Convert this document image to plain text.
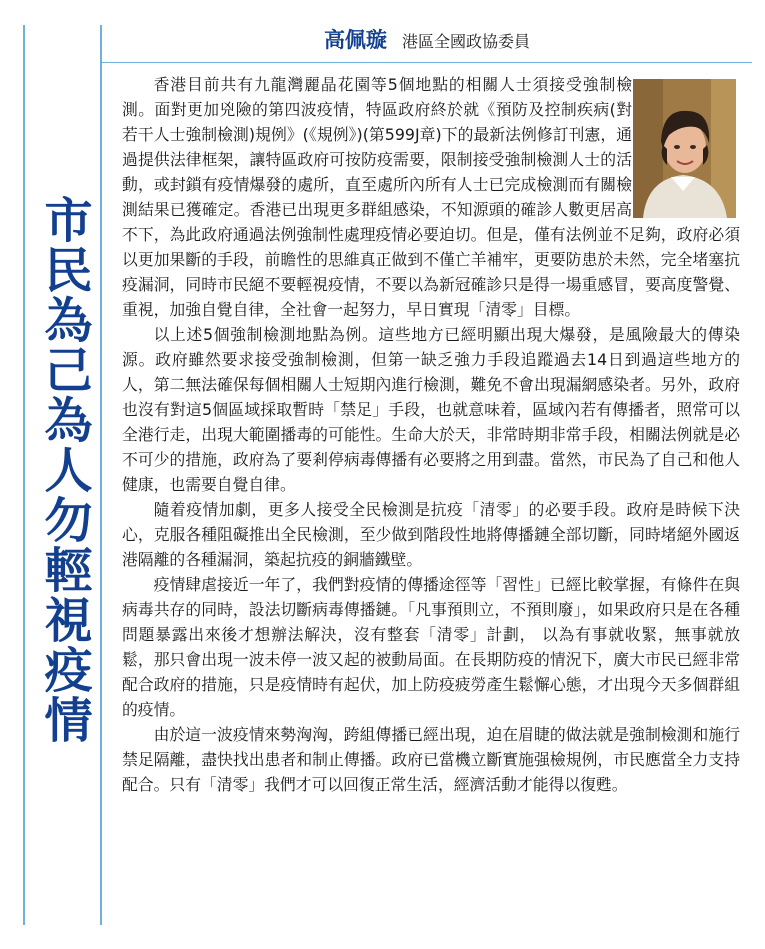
市民為己為人勿輕視疫情
高佩璇 港區全國政協委員

香港目前共有九龍灣麗晶花園等5個地點的相關人士須接受強制檢測。面對更加兇險的第四波疫情，特區政府終於就《預防及控制疾病(對若干人士強制檢測)規例》(《規例》)(第599J章)下的最新法例修訂刊憲，通過提供法律框架，讓特區政府可按防疫需要，限制接受強制檢測人士的活動，或封鎖有疫情爆發的處所，直至處所內所有人士已完成檢測而有關檢測結果已獲確定。香港已出現更多群組感染，不知源頭的確診人數更居高不下，為此政府通過法例強制性處理疫情必要迫切。但是，僅有法例並不足夠，政府必須以更加果斷的手段，前瞻性的思維真正做到不僅亡羊補牢，更要防患於未然，完全堵塞抗疫漏洞，同時市民絕不要輕視疫情，不要以為新冠確診只是得一場重感冒，要高度警覺、重視，加強自覺自律，全社會一起努力，早日實現「清零」目標。

以上述5個強制檢測地點為例。這些地方已經明顯出現大爆發，是風險最大的傳染源。政府雖然要求接受強制檢測，但第一缺乏強力手段追蹤過去14日到過這些地方的人，第二無法確保每個相關人士短期內進行檢測，難免不會出現漏網感染者。另外，政府也沒有對這5個區域採取暫時「禁足」手段，也就意味着，區域內若有傳播者，照常可以全港行走，出現大範圍播毒的可能性。生命大於天，非常時期非常手段，相關法例就是必不可少的措施，政府為了要剎停病毒傳播有必要將之用到盡。當然，市民為了自己和他人健康，也需要自覺自律。

隨着疫情加劇，更多人接受全民檢測是抗疫「清零」的必要手段。政府是時候下決心，克服各種阻礙推出全民檢測，至少做到階段性地將傳播鏈全部切斷，同時堵絕外國返港隔離的各種漏洞，築起抗疫的銅牆鐵壁。

疫情肆虐接近一年了，我們對疫情的傳播途徑等「習性」已經比較掌握，有條件在與病毒共存的同時，設法切斷病毒傳播鏈。「凡事預則立，不預則廢」，如果政府只是在各種問題暴露出來後才想辦法解決，沒有整套「清零」計劃， 以為有事就收緊，無事就放鬆，那只會出現一波未停一波又起的被動局面。在長期防疫的情況下，廣大市民已經非常配合政府的措施，只是疫情時有起伏，加上防疫疲勞產生鬆懈心態，才出現今天多個群組的疫情。

由於這一波疫情來勢洶洶，跨組傳播已經出現，迫在眉睫的做法就是強制檢測和施行禁足隔離，盡快找出患者和制止傳播。政府已當機立斷實施强檢規例，市民應當全力支持配合。只有「清零」我們才可以回復正常生活，經濟活動才能得以復甦。
